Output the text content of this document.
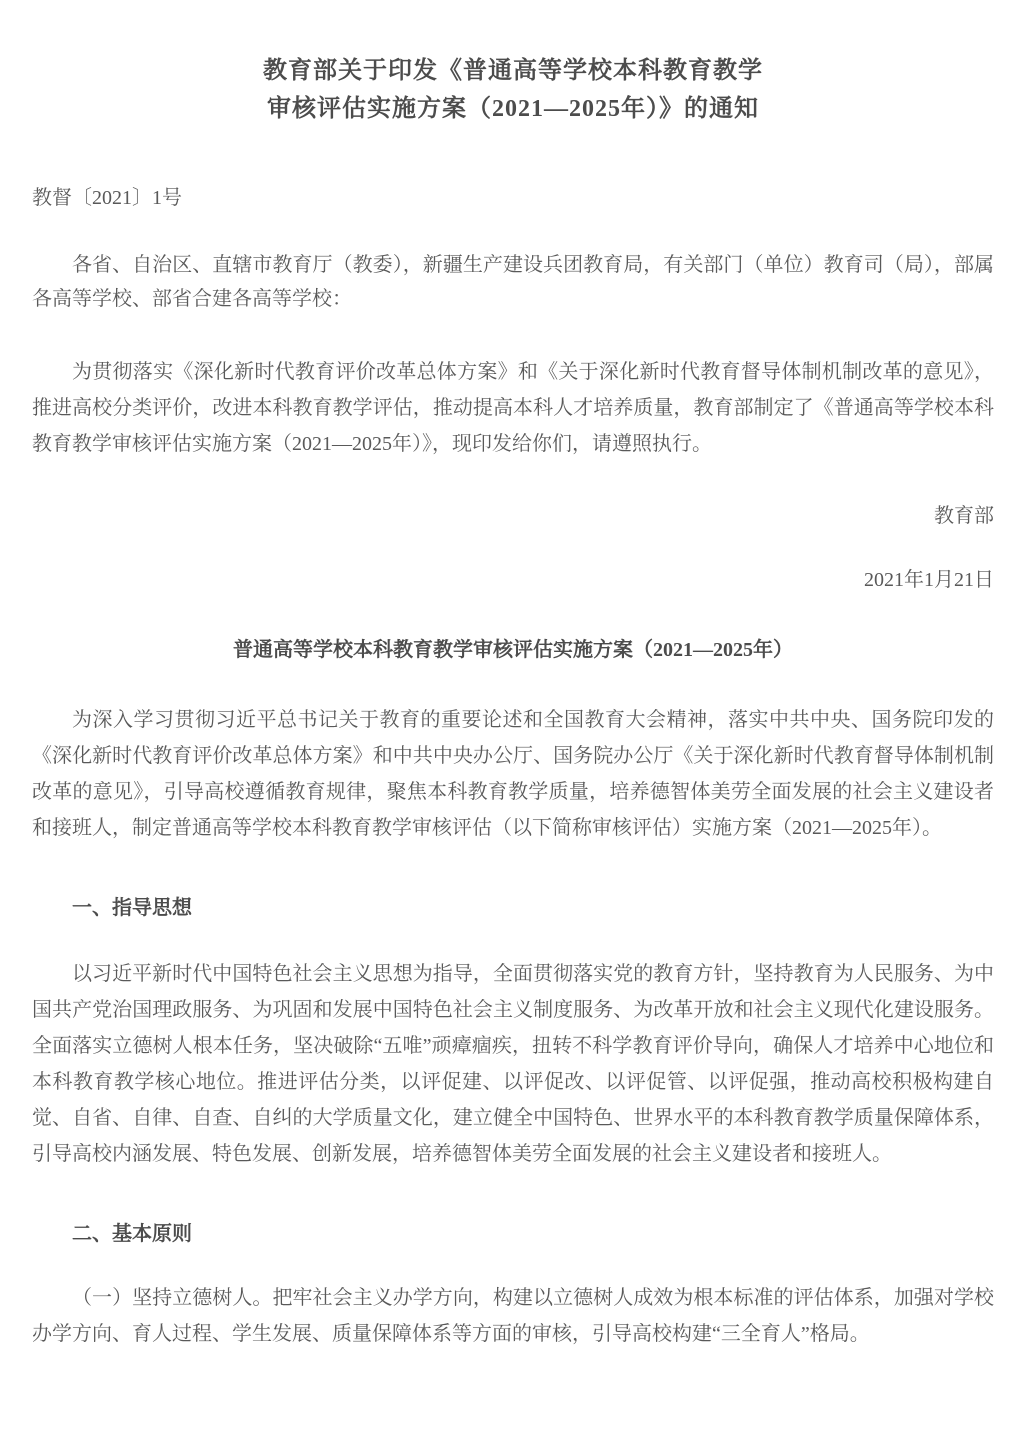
教育部关于印发《普通高等学校本科教育教学
审核评估实施方案（2021—2025年）》的通知

教督〔2021〕1号

各省、自治区、直辖市教育厅（教委），新疆生产建设兵团教育局，有关部门（单位）教育司（局），部属各高等学校、部省合建各高等学校：

为贯彻落实《深化新时代教育评价改革总体方案》和《关于深化新时代教育督导体制机制改革的意见》，推进高校分类评价，改进本科教育教学评估，推动提高本科人才培养质量，教育部制定了《普通高等学校本科教育教学审核评估实施方案（2021—2025年）》，现印发给你们，请遵照执行。

教育部

2021年1月21日

普通高等学校本科教育教学审核评估实施方案（2021—2025年）

为深入学习贯彻习近平总书记关于教育的重要论述和全国教育大会精神，落实中共中央、国务院印发的《深化新时代教育评价改革总体方案》和中共中央办公厅、国务院办公厅《关于深化新时代教育督导体制机制改革的意见》，引导高校遵循教育规律，聚焦本科教育教学质量，培养德智体美劳全面发展的社会主义建设者和接班人，制定普通高等学校本科教育教学审核评估（以下简称审核评估）实施方案（2021—2025年）。

一、指导思想

以习近平新时代中国特色社会主义思想为指导，全面贯彻落实党的教育方针，坚持教育为人民服务、为中国共产党治国理政服务、为巩固和发展中国特色社会主义制度服务、为改革开放和社会主义现代化建设服务。全面落实立德树人根本任务，坚决破除“五唯”顽瘴痼疾，扭转不科学教育评价导向，确保人才培养中心地位和本科教育教学核心地位。推进评估分类，以评促建、以评促改、以评促管、以评促强，推动高校积极构建自觉、自省、自律、自查、自纠的大学质量文化，建立健全中国特色、世界水平的本科教育教学质量保障体系，引导高校内涵发展、特色发展、创新发展，培养德智体美劳全面发展的社会主义建设者和接班人。

二、基本原则

（一）坚持立德树人。把牢社会主义办学方向，构建以立德树人成效为根本标准的评估体系，加强对学校办学方向、育人过程、学生发展、质量保障体系等方面的审核，引导高校构建“三全育人”格局。
